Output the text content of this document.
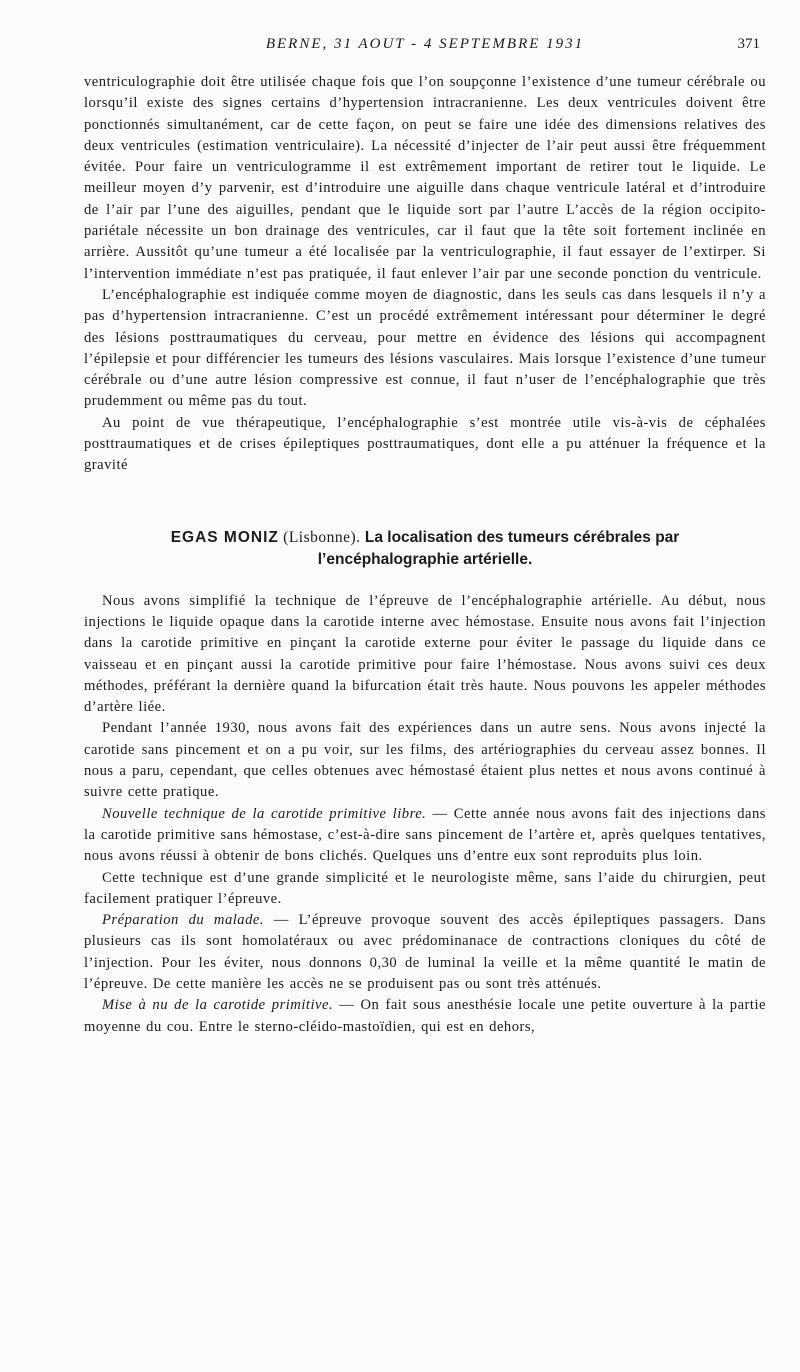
BERNE, 31 AOUT - 4 SEPTEMBRE 1931	371

ventriculographie doit être utilisée chaque fois que l’on soupçonne l’existence d’une tumeur cérébrale ou lorsqu’il existe des signes certains d’hypertension intracranienne. Les deux ventricules doivent être ponctionnés simultanément, car de cette façon, on peut se faire une idée des dimensions relatives des deux ventricules (estimation ventriculaire). La nécessité d’injecter de l’air peut aussi être fréquemment évitée. Pour faire un ventriculogramme il est extrêmement important de retirer tout le liquide. Le meilleur moyen d’y parvenir, est d’introduire une aiguille dans chaque ventricule latéral et d’introduire de l’air par l’une des aiguilles, pendant que le liquide sort par l’autre L’accès de la région occipito-pariétale nécessite un bon drainage des ventricules, car il faut que la tête soit fortement inclinée en arrière. Aussitôt qu’une tumeur a été localisée par la ventriculographie, il faut essayer de l’extirper. Si l’intervention immédiate n’est pas pratiquée, il faut enlever l’air par une seconde ponction du ventricule.

L’encéphalographie est indiquée comme moyen de diagnostic, dans les seuls cas dans lesquels il n’y a pas d’hypertension intracranienne. C’est un procédé extrêmement intéressant pour déterminer le degré des lésions posttraumatiques du cerveau, pour mettre en évidence des lésions qui accompagnent l’épilepsie et pour différencier les tumeurs des lésions vasculaires. Mais lorsque l’existence d’une tumeur cérébrale ou d’une autre lésion compressive est connue, il faut n’user de l’encéphalographie que très prudemment ou même pas du tout.

Au point de vue thérapeutique, l’encéphalographie s’est montrée utile vis-à-vis de céphalées posttraumatiques et de crises épileptiques posttraumatiques, dont elle a pu atténuer la fréquence et la gravité

EGAS MONIZ (Lisbonne). La localisation des tumeurs cérébrales par
l’encéphalographie artérielle.

Nous avons simplifié la technique de l’épreuve de l’encéphalographie artérielle. Au début, nous injections le liquide opaque dans la carotide interne avec hémostase. Ensuite nous avons fait l’injection dans la carotide primitive en pinçant la carotide externe pour éviter le passage du liquide dans ce vaisseau et en pinçant aussi la carotide primitive pour faire l’hémostase. Nous avons suivi ces deux méthodes, préférant la dernière quand la bifurcation était très haute. Nous pouvons les appeler méthodes d’artère liée.

Pendant l’année 1930, nous avons fait des expériences dans un autre sens. Nous avons injecté la carotide sans pincement et on a pu voir, sur les films, des artériographies du cerveau assez bonnes. Il nous a paru, cependant, que celles obtenues avec hémostasé étaient plus nettes et nous avons continué à suivre cette pratique.

Nouvelle technique de la carotide primitive libre. — Cette année nous avons fait des injections dans la carotide primitive sans hémostase, c’est-à-dire sans pincement de l’artère et, après quelques tentatives, nous avons réussi à obtenir de bons clichés. Quelques uns d’entre eux sont reproduits plus loin.

Cette technique est d’une grande simplicité et le neurologiste même, sans l’aide du chirurgien, peut facilement pratiquer l’épreuve.

Préparation du malade. — L’épreuve provoque souvent des accès épileptiques passagers. Dans plusieurs cas ils sont homolatéraux ou avec prédominanace de contractions cloniques du côté de l’injection. Pour les éviter, nous donnons 0,30 de luminal la veille et la même quantité le matin de l’épreuve. De cette manière les accès ne se produisent pas ou sont très atténués.

Mise à nu de la carotide primitive. — On fait sous anesthésie locale une petite ouverture à la partie moyenne du cou. Entre le sterno-cléido-mastoïdien, qui est en dehors,
